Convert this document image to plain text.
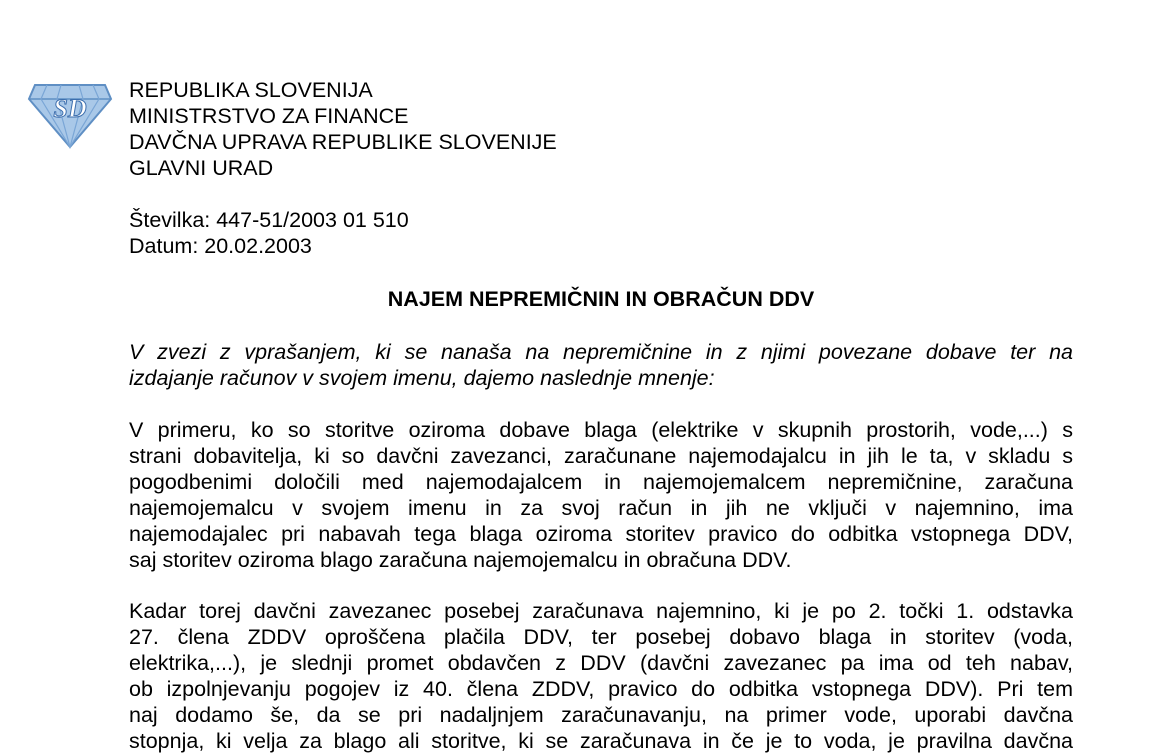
SD
REPUBLIKA SLOVENIJA
MINISTRSTVO ZA FINANCE
DAVČNA UPRAVA REPUBLIKE SLOVENIJE
GLAVNI URAD
Številka: 447-51/2003 01 510
Datum: 20.02.2003
NAJEM NEPREMIČNIN IN OBRAČUN DDV
V zvezi z vprašanjem, ki se nanaša na nepremičnine in z njimi povezane dobave ter na
izdajanje računov v svojem imenu, dajemo naslednje mnenje:
V primeru, ko so storitve oziroma dobave blaga (elektrike v skupnih prostorih, vode,...) s
strani dobavitelja, ki so davčni zavezanci, zaračunane najemodajalcu in jih le ta, v skladu s
pogodbenimi določili med najemodajalcem in najemojemalcem nepremičnine, zaračuna
najemojemalcu v svojem imenu in za svoj račun in jih ne vključi v najemnino, ima
najemodajalec pri nabavah tega blaga oziroma storitev pravico do odbitka vstopnega DDV,
saj storitev oziroma blago zaračuna najemojemalcu in obračuna DDV.
Kadar torej davčni zavezanec posebej zaračunava najemnino, ki je po 2. točki 1. odstavka
27. člena ZDDV oproščena plačila DDV, ter posebej dobavo blaga in storitev (voda,
elektrika,...), je slednji promet obdavčen z DDV (davčni zavezanec pa ima od teh nabav,
ob izpolnjevanju pogojev iz 40. člena ZDDV, pravico do odbitka vstopnega DDV). Pri tem
naj dodamo še, da se pri nadaljnjem zaračunavanju, na primer vode, uporabi davčna
stopnja, ki velja za blago ali storitve, ki se zaračunava in če je to voda, je pravilna davčna
